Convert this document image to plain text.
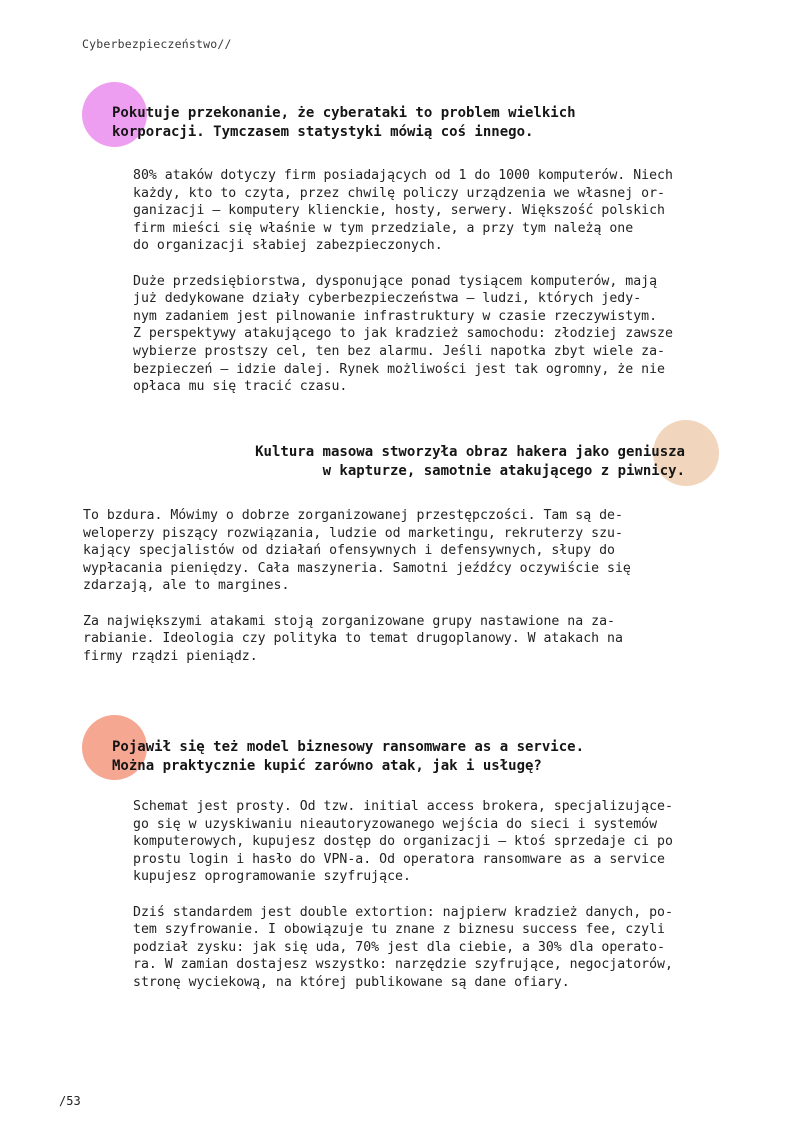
Cyberbezpieczeństwo//
Pokutuje przekonanie, że cyberataki to problem wielkich
korporacji. Tymczasem statystyki mówią coś innego.

80% ataków dotyczy firm posiadających od 1 do 1000 komputerów. Niech
każdy, kto to czyta, przez chwilę policzy urządzenia we własnej or-
ganizacji – komputery klienckie, hosty, serwery. Większość polskich
firm mieści się właśnie w tym przedziale, a przy tym należą one
do organizacji słabiej zabezpieczonych.

Duże przedsiębiorstwa, dysponujące ponad tysiącem komputerów, mają
już dedykowane działy cyberbezpieczeństwa – ludzi, których jedy-
nym zadaniem jest pilnowanie infrastruktury w czasie rzeczywistym.
Z perspektywy atakującego to jak kradzież samochodu: złodziej zawsze
wybierze prostszy cel, ten bez alarmu. Jeśli napotka zbyt wiele za-
bezpieczeń – idzie dalej. Rynek możliwości jest tak ogromny, że nie
opłaca mu się tracić czasu.

Kultura masowa stworzyła obraz hakera jako geniusza
w kapturze, samotnie atakującego z piwnicy.

To bzdura. Mówimy o dobrze zorganizowanej przestępczości. Tam są de-
weloperzy piszący rozwiązania, ludzie od marketingu, rekruterzy szu-
kający specjalistów od działań ofensywnych i defensywnych, słupy do
wypłacania pieniędzy. Cała maszyneria. Samotni jeźdźcy oczywiście się
zdarzają, ale to margines.

Za największymi atakami stoją zorganizowane grupy nastawione na za-
rabianie. Ideologia czy polityka to temat drugoplanowy. W atakach na
firmy rządzi pieniądz.

Pojawił się też model biznesowy ransomware as a service.
Można praktycznie kupić zarówno atak, jak i usługę?

Schemat jest prosty. Od tzw. initial access brokera, specjalizujące-
go się w uzyskiwaniu nieautoryzowanego wejścia do sieci i systemów
komputerowych, kupujesz dostęp do organizacji – ktoś sprzedaje ci po
prostu login i hasło do VPN-a. Od operatora ransomware as a service
kupujesz oprogramowanie szyfrujące.

Dziś standardem jest double extortion: najpierw kradzież danych, po-
tem szyfrowanie. I obowiązuje tu znane z biznesu success fee, czyli
podział zysku: jak się uda, 70% jest dla ciebie, a 30% dla operato-
ra. W zamian dostajesz wszystko: narzędzie szyfrujące, negocjatorów,
stronę wyciekową, na której publikowane są dane ofiary.

/53
